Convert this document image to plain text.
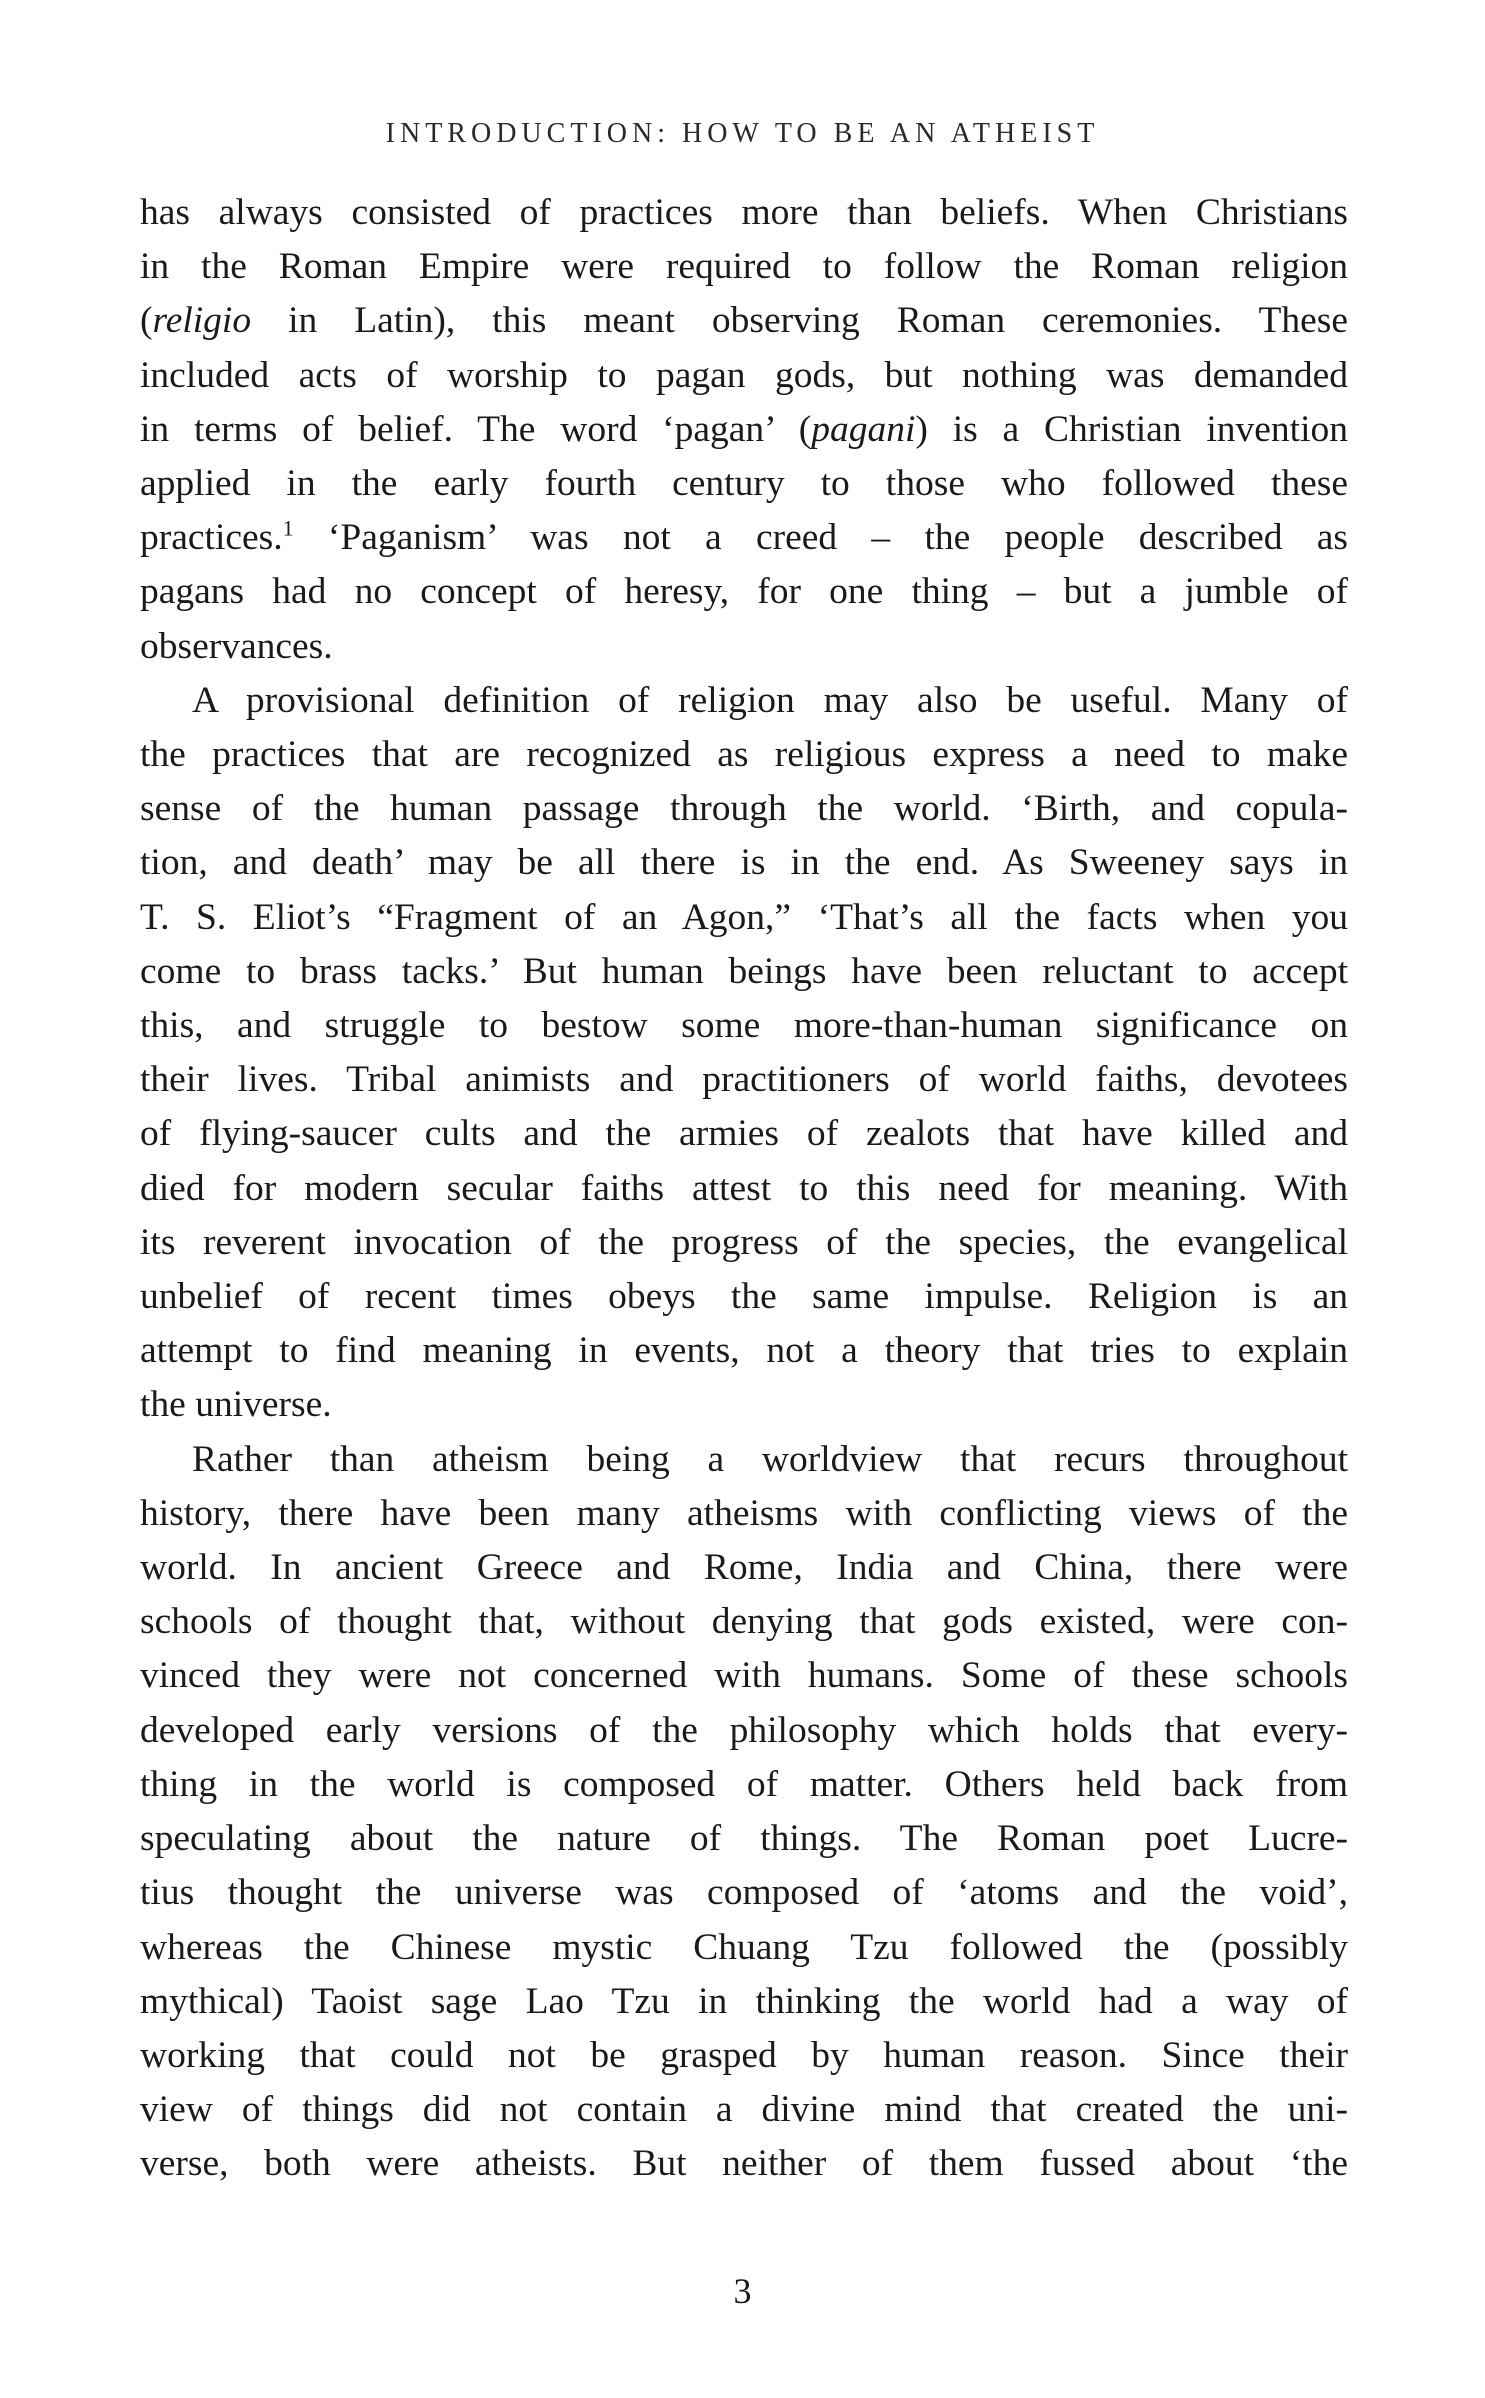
INTRODUCTION: HOW TO BE AN ATHEIST

has always consisted of practices more than beliefs. When Christians
in the Roman Empire were required to follow the Roman religion
(religio in Latin), this meant observing Roman ceremonies. These
included acts of worship to pagan gods, but nothing was demanded
in terms of belief. The word ‘pagan’ (pagani) is a Christian invention
applied in the early fourth century to those who followed these
practices.$^1$ ‘Paganism’ was not a creed – the people described as
pagans had no concept of heresy, for one thing – but a jumble of
observances.

A provisional definition of religion may also be useful. Many of
the practices that are recognized as religious express a need to make
sense of the human passage through the world. ‘Birth, and copula-
tion, and death’ may be all there is in the end. As Sweeney says in
T. S. Eliot’s “Fragment of an Agon,” ‘That’s all the facts when you
come to brass tacks.’ But human beings have been reluctant to accept
this, and struggle to bestow some more-than-human significance on
their lives. Tribal animists and practitioners of world faiths, devotees
of flying-saucer cults and the armies of zealots that have killed and
died for modern secular faiths attest to this need for meaning. With
its reverent invocation of the progress of the species, the evangelical
unbelief of recent times obeys the same impulse. Religion is an
attempt to find meaning in events, not a theory that tries to explain
the universe.

Rather than atheism being a worldview that recurs throughout
history, there have been many atheisms with conflicting views of the
world. In ancient Greece and Rome, India and China, there were
schools of thought that, without denying that gods existed, were con-
vinced they were not concerned with humans. Some of these schools
developed early versions of the philosophy which holds that every-
thing in the world is composed of matter. Others held back from
speculating about the nature of things. The Roman poet Lucre-
tius thought the universe was composed of ‘atoms and the void’,
whereas the Chinese mystic Chuang Tzu followed the (possibly
mythical) Taoist sage Lao Tzu in thinking the world had a way of
working that could not be grasped by human reason. Since their
view of things did not contain a divine mind that created the uni-
verse, both were atheists. But neither of them fussed about ‘the

3
